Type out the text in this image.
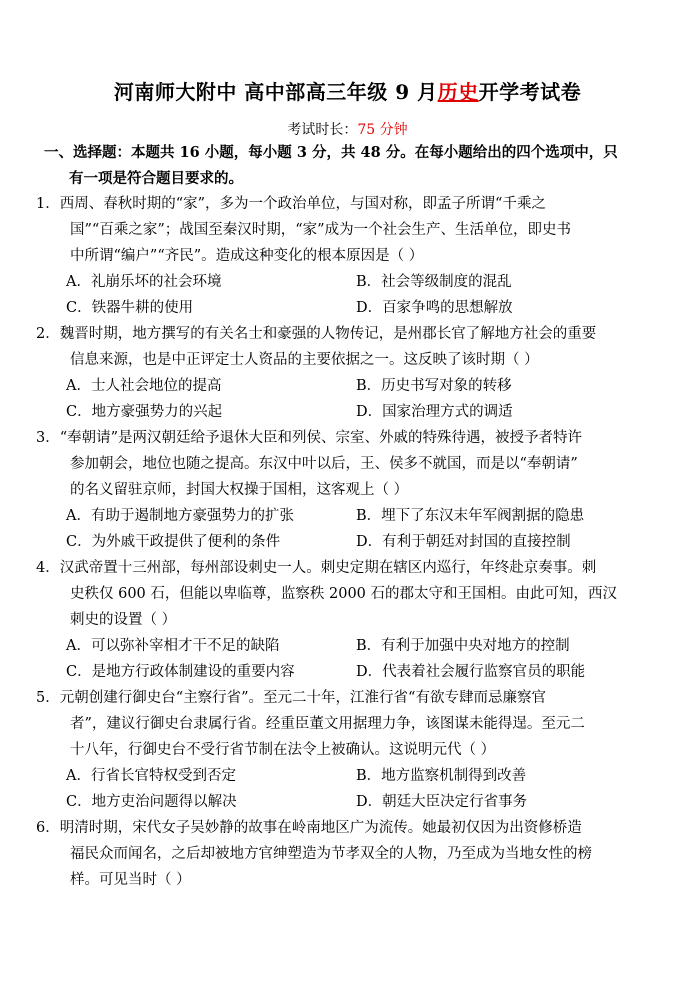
河南师大附中 高中部高三年级 9 月历史开学考试卷
考试时长：75 分钟
一、选择题：本题共 16 小题，每小题 3 分，共 48 分。在每小题给出的四个选项中，只
有一项是符合题目要求的。
1．西周、春秋时期的“家”，多为一个政治单位，与国对称，即孟子所谓“千乘之
国”“百乘之家”；战国至秦汉时期，“家”成为一个社会生产、生活单位，即史书
中所谓“编户”“齐民”。造成这种变化的根本原因是（ ）
A．礼崩乐坏的社会环境	B．社会等级制度的混乱
C．铁器牛耕的使用	D．百家争鸣的思想解放
2．魏晋时期，地方撰写的有关名士和豪强的人物传记，是州郡长官了解地方社会的重要
信息来源，也是中正评定士人资品的主要依据之一。这反映了该时期（ ）
A．士人社会地位的提高	B．历史书写对象的转移
C．地方豪强势力的兴起	D．国家治理方式的调适
3．“奉朝请”是两汉朝廷给予退休大臣和列侯、宗室、外戚的特殊待遇，被授予者特许
参加朝会，地位也随之提高。东汉中叶以后，王、侯多不就国，而是以“奉朝请”
的名义留驻京师，封国大权操于国相，这客观上（ ）
A．有助于遏制地方豪强势力的扩张	B．埋下了东汉末年军阀割据的隐患
C．为外戚干政提供了便利的条件	D．有利于朝廷对封国的直接控制
4．汉武帝置十三州部，每州部设刺史一人。刺史定期在辖区内巡行，年终赴京奏事。刺
史秩仅 600 石，但能以卑临尊，监察秩 2000 石的郡太守和王国相。由此可知，西汉
刺史的设置（ ）
A．可以弥补宰相才干不足的缺陷	B．有利于加强中央对地方的控制
C．是地方行政体制建设的重要内容	D．代表着社会履行监察官员的职能
5．元朝创建行御史台“主察行省”。至元二十年，江淮行省“有欲专肆而忌廉察官
者”，建议行御史台隶属行省。经重臣董文用据理力争，该图谋未能得逞。至元二
十八年，行御史台不受行省节制在法令上被确认。这说明元代（ ）
A．行省长官特权受到否定	B．地方监察机制得到改善
C．地方吏治问题得以解决	D．朝廷大臣决定行省事务
6．明清时期，宋代女子吴妙静的故事在岭南地区广为流传。她最初仅因为出资修桥造
福民众而闻名，之后却被地方官绅塑造为节孝双全的人物，乃至成为当地女性的榜
样。可见当时（ ）
